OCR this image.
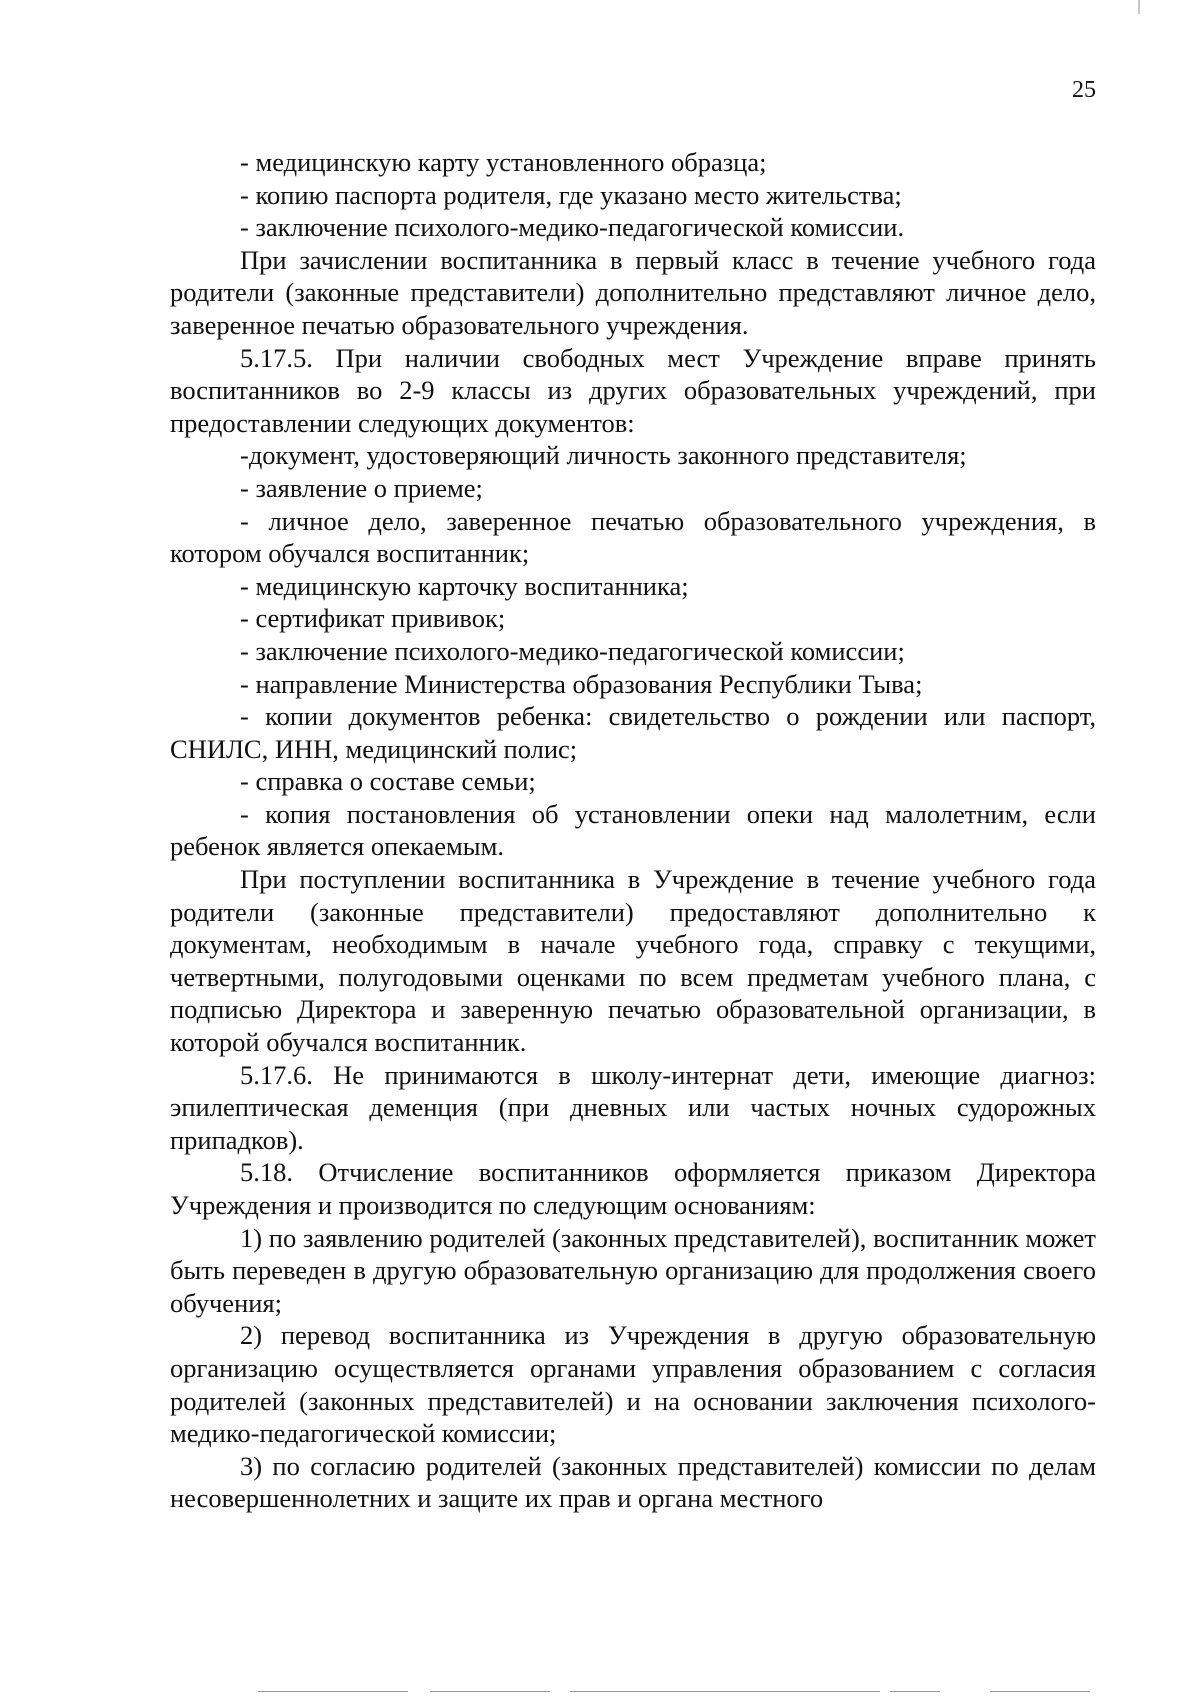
25

- медицинскую карту установленного образца;

- копию паспорта родителя, где указано место жительства;

- заключение психолого-медико-педагогической комиссии.

При зачислении воспитанника в первый класс в течение учебного года родители (законные представители) дополнительно представляют личное дело, заверенное печатью образовательного учреждения.

5.17.5. При наличии свободных мест Учреждение вправе принять воспитанников во 2-9 классы из других образовательных учреждений, при предоставлении следующих документов:

-документ, удостоверяющий личность законного представителя;

- заявление о приеме;

- личное дело, заверенное печатью образовательного учреждения, в котором обучался воспитанник;

- медицинскую карточку воспитанника;

- сертификат прививок;

- заключение психолого-медико-педагогической комиссии;

- направление Министерства образования Республики Тыва;

- копии документов ребенка: свидетельство о рождении или паспорт, СНИЛС, ИНН, медицинский полис;

- справка о составе семьи;

- копия постановления об установлении опеки над малолетним, если ребенок является опекаемым.

При поступлении воспитанника в Учреждение в течение учебного года родители (законные представители) предоставляют дополнительно к документам, необходимым в начале учебного года, справку с текущими, четвертными, полугодовыми оценками по всем предметам учебного плана, с подписью Директора и заверенную печатью образовательной организации, в которой обучался воспитанник.

5.17.6. Не принимаются в школу-интернат дети, имеющие диагноз: эпилептическая деменция (при дневных или частых ночных судорожных припадков).

5.18. Отчисление воспитанников оформляется приказом Директора Учреждения и производится по следующим основаниям:

1) по заявлению родителей (законных представителей), воспитанник может быть переведен в другую образовательную организацию для продолжения своего обучения;

2) перевод воспитанника из Учреждения в другую образовательную организацию осуществляется органами управления образованием с согласия родителей (законных представителей) и на основании заключения психолого-медико-педагогической комиссии;

3) по согласию родителей (законных представителей) комиссии по делам несовершеннолетних и защите их прав и органа местного
